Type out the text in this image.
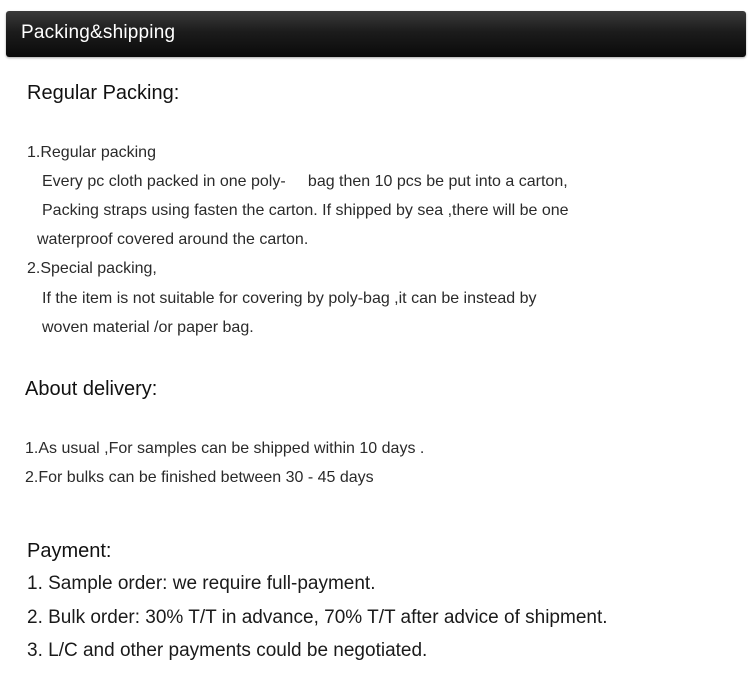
Packing&shipping
Regular Packing:
1.Regular packing
Every pc cloth packed in one poly-     bag then 10 pcs be put into a carton,
Packing straps using fasten the carton. If shipped by sea ,there will be one
waterproof covered around the carton.
2.Special packing,
If the item is not suitable for covering by poly-bag ,it can be instead by
woven material /or paper bag.
About delivery:
1.As usual ,For samples can be shipped within 10 days .
2.For bulks can be finished between 30 - 45 days
Payment:
1. Sample order: we require full-payment.
2. Bulk order: 30% T/T in advance, 70% T/T after advice of shipment.
3. L/C and other payments could be negotiated.
